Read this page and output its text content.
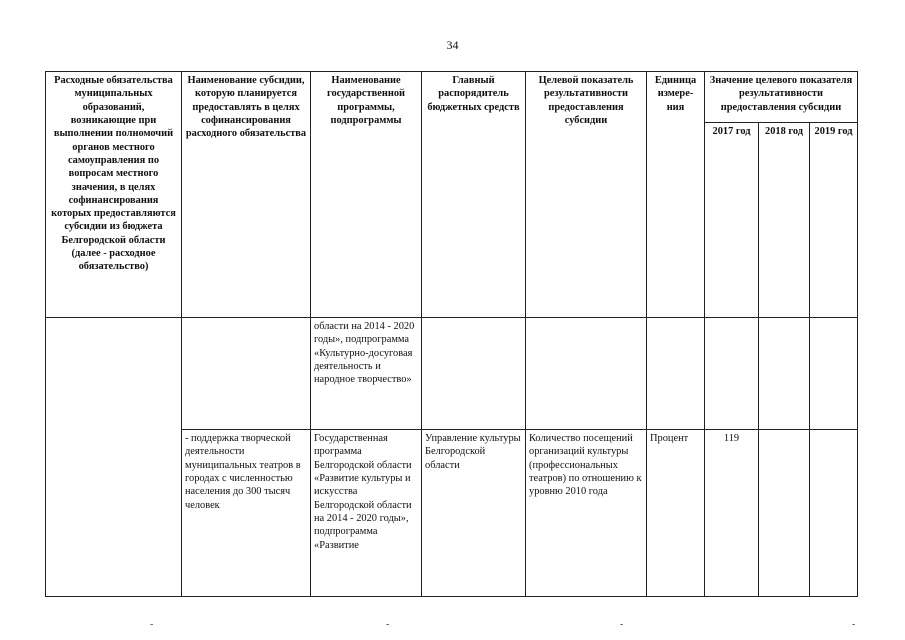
34
Расходные обязательства муниципальных образований, возникающие при выполнении полномочий органов местного самоуправления по вопросам местного значения, в целях софинансирования которых предоставляются субсидии из бюджета Белгородской области (далее - расходное обязательство)	Наименование субсидии, которую планируется предоставлять в целях софинансирования расходного обязательства	Наименование государственной программы, подпрограммы	Главный распорядитель бюджетных средств	Целевой показатель результативности предоставления субсидии	Единица измере-ния	Значение целевого показателя результативности предоставления субсидии		
						2017 год	2018 год	2019 год
		области на 2014 - 2020 годы», подпрограмма «Культурно-досуговая деятельность и народное творчество»						
	- поддержка творческой деятельности муниципальных театров в городах с численностью населения до 300 тысяч человек	Государственная программа Белгородской области «Развитие культуры и искусства Белгородской области на 2014 - 2020 годы», подпрограмма «Развитие	Управление культуры Белгородской области	Количество посещений организаций культуры (профессиональных театров) по отношению к уровню 2010 года	Процент	119		
-	-	-	-
